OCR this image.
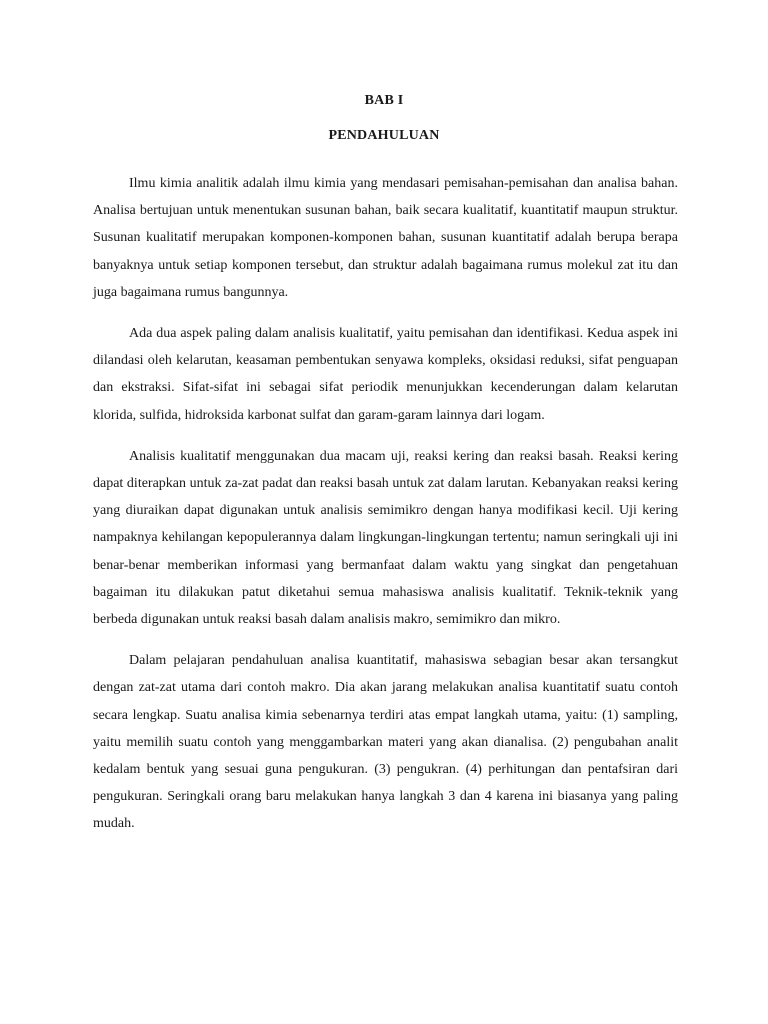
BAB I
PENDAHULUAN

Ilmu kimia analitik adalah ilmu kimia yang mendasari pemisahan-pemisahan dan analisa bahan. Analisa bertujuan untuk menentukan susunan bahan, baik secara kualitatif, kuantitatif maupun struktur. Susunan kualitatif merupakan komponen-komponen bahan, susunan kuantitatif adalah berupa berapa banyaknya untuk setiap komponen tersebut, dan struktur adalah bagaimana rumus molekul zat itu dan juga bagaimana rumus bangunnya.

Ada dua aspek paling dalam analisis kualitatif, yaitu pemisahan dan identifikasi. Kedua aspek ini dilandasi oleh kelarutan, keasaman pembentukan senyawa kompleks, oksidasi reduksi, sifat penguapan dan ekstraksi. Sifat-sifat ini sebagai sifat periodik menunjukkan kecenderungan dalam kelarutan klorida, sulfida, hidroksida karbonat sulfat dan garam-garam lainnya dari logam.

Analisis kualitatif menggunakan dua macam uji, reaksi kering dan reaksi basah. Reaksi kering dapat diterapkan untuk za-zat padat dan reaksi basah untuk zat dalam larutan. Kebanyakan reaksi kering yang diuraikan dapat digunakan untuk analisis semimikro dengan hanya modifikasi kecil. Uji kering nampaknya kehilangan kepopulerannya dalam lingkungan-lingkungan tertentu; namun seringkali uji ini benar-benar memberikan informasi yang bermanfaat dalam waktu yang singkat dan pengetahuan bagaiman itu dilakukan patut diketahui semua mahasiswa analisis kualitatif. Teknik-teknik yang berbeda digunakan untuk reaksi basah dalam analisis makro, semimikro dan mikro.

Dalam pelajaran pendahuluan analisa kuantitatif, mahasiswa sebagian besar akan tersangkut dengan zat-zat utama dari contoh makro. Dia akan jarang melakukan analisa kuantitatif suatu contoh secara lengkap. Suatu analisa kimia sebenarnya terdiri atas empat langkah utama, yaitu: (1) sampling, yaitu memilih suatu contoh yang menggambarkan materi yang akan dianalisa. (2) pengubahan analit kedalam bentuk yang sesuai guna pengukuran. (3) pengukran. (4) perhitungan dan pentafsiran dari pengukuran. Seringkali orang baru melakukan hanya langkah 3 dan 4 karena ini biasanya yang paling mudah.
